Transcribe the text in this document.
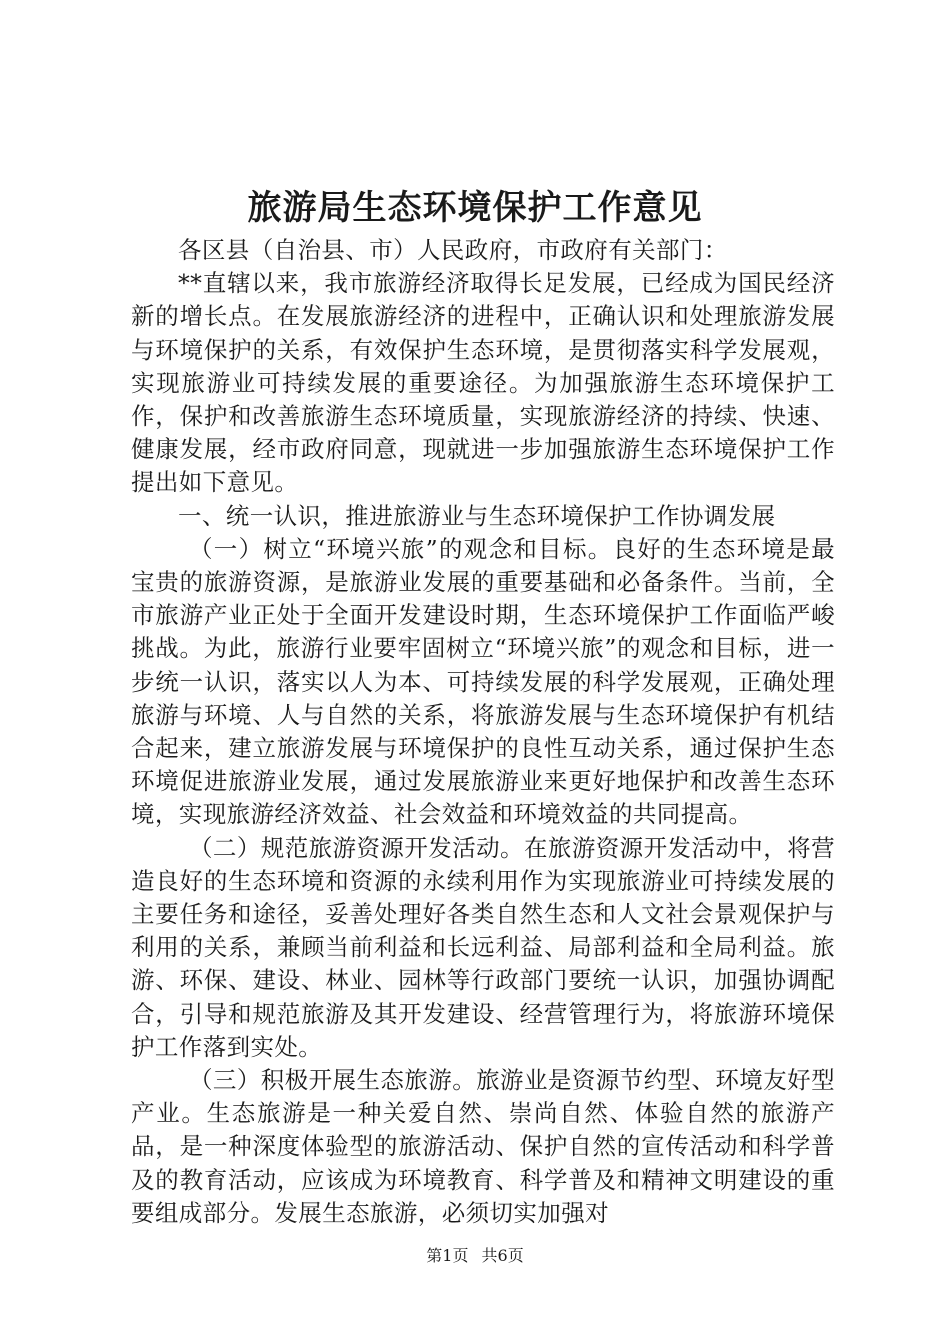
旅游局生态环境保护工作意见

各区县（自治县、市）人民政府，市政府有关部门：

**直辖以来，我市旅游经济取得长足发展，已经成为国民经济新的增长点。在发展旅游经济的进程中，正确认识和处理旅游发展与环境保护的关系，有效保护生态环境，是贯彻落实科学发展观，实现旅游业可持续发展的重要途径。为加强旅游生态环境保护工作，保护和改善旅游生态环境质量，实现旅游经济的持续、快速、健康发展，经市政府同意，现就进一步加强旅游生态环境保护工作提出如下意见。

一、统一认识，推进旅游业与生态环境保护工作协调发展

（一）树立“环境兴旅”的观念和目标。良好的生态环境是最宝贵的旅游资源，是旅游业发展的重要基础和必备条件。当前，全市旅游产业正处于全面开发建设时期，生态环境保护工作面临严峻挑战。为此，旅游行业要牢固树立“环境兴旅”的观念和目标，进一步统一认识，落实以人为本、可持续发展的科学发展观，正确处理旅游与环境、人与自然的关系，将旅游发展与生态环境保护有机结合起来，建立旅游发展与环境保护的良性互动关系，通过保护生态环境促进旅游业发展，通过发展旅游业来更好地保护和改善生态环境，实现旅游经济效益、社会效益和环境效益的共同提高。

（二）规范旅游资源开发活动。在旅游资源开发活动中，将营造良好的生态环境和资源的永续利用作为实现旅游业可持续发展的主要任务和途径，妥善处理好各类自然生态和人文社会景观保护与利用的关系，兼顾当前利益和长远利益、局部利益和全局利益。旅游、环保、建设、林业、园林等行政部门要统一认识，加强协调配合，引导和规范旅游及其开发建设、经营管理行为，将旅游环境保护工作落到实处。

（三）积极开展生态旅游。旅游业是资源节约型、环境友好型产业。生态旅游是一种关爱自然、崇尚自然、体验自然的旅游产品，是一种深度体验型的旅游活动、保护自然的宣传活动和科学普及的教育活动，应该成为环境教育、科学普及和精神文明建设的重要组成部分。发展生态旅游，必须切实加强对

第1页 共6页
